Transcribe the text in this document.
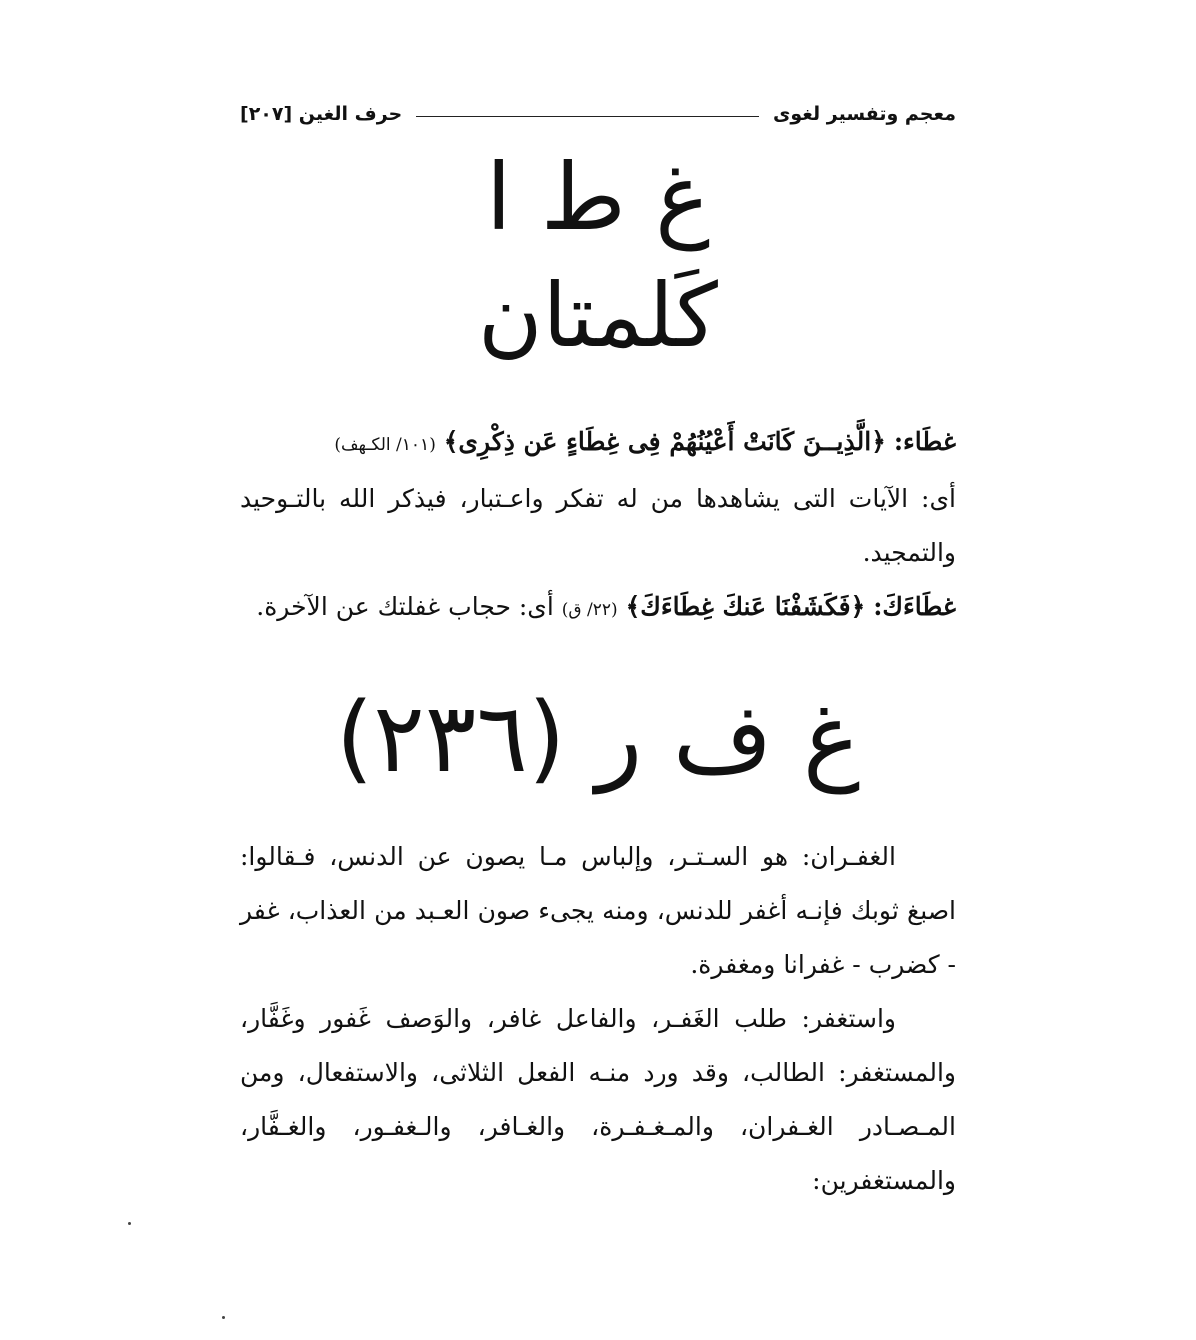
معجم وتفسير لغوى
حرف الغين [٢٠٧]
غ ط ا
كَلمتان

غطَاء: ﴿الَّذِيــنَ كَانَتْ أَعْيُنُهُمْ فِى غِطَاءٍ عَن ذِكْرِى﴾ (١٠١/ الكـهف)

أى: الآيات التى يشاهدها من له تفكر واعـتبار، فيذكر الله بالتـوحيد والتمجيد.

غطَاءَكَ: ﴿فَكَشَفْنَا عَنكَ غِطَاءَكَ﴾ (٢٢/ ق) أى: حجاب غفلتك عن الآخرة.

غ ف ر (٢٣٦)

الغفـران: هو السـتـر، وإلباس مـا يصون عن الدنس، فـقالوا: اصبغ ثوبك فإنـه أغفر للدنس، ومنه يجىء صون العـبد من العذاب، غفر - كضرب - غفرانا ومغفرة.

واستغفر: طلب الغَفـر، والفاعل غافر، والوَصف غَفور وغَفَّار، والمستغفر: الطالب، وقد ورد منـه الفعل الثلاثى، والاستفعال، ومن المـصـادر الغـفران، والمـغـفـرة، والغـافر، والـغفـور، والغـفَّار، والمستغفرين:
